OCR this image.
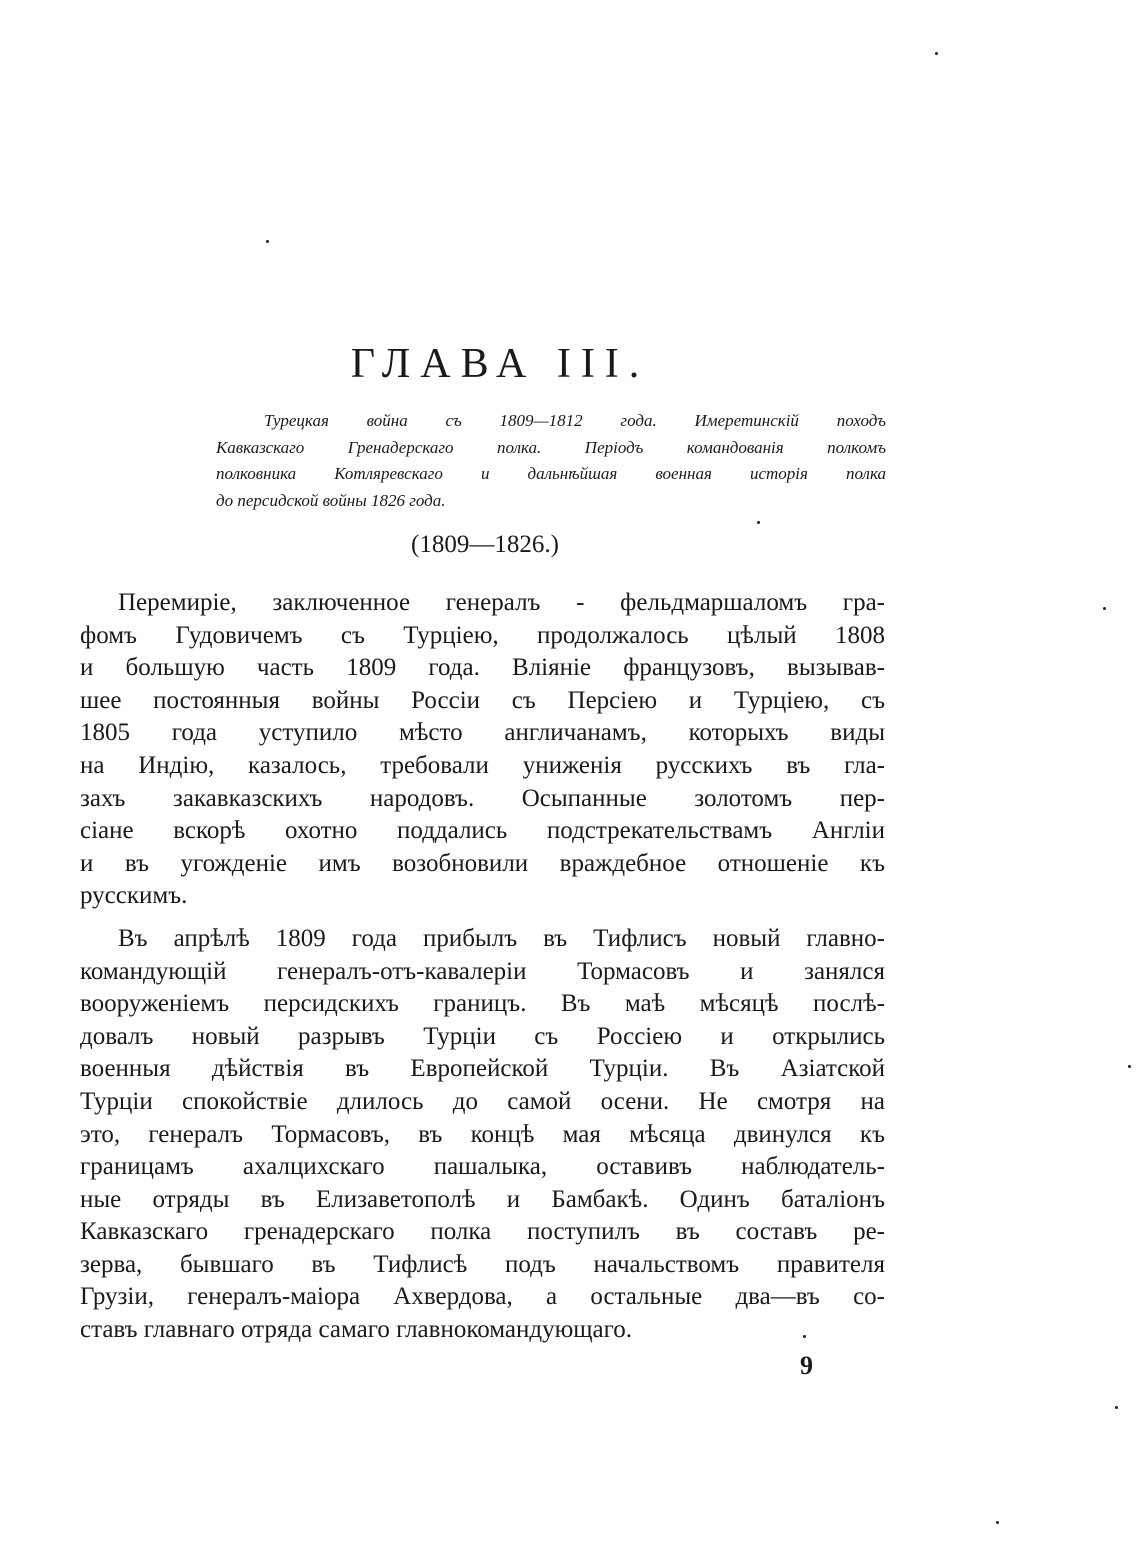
ГЛАВА III.
Турецкая война съ 1809—1812 года. Имеретинскій походъ
Кавказскаго Гренадерскаго полка. Періодъ командованія полкомъ
полковника Котляревскаго и дальнѣйшая военная исторія полка
до персидской войны 1826 года.
(1809—1826.)
Перемиріе, заключенное генералъ - фельдмаршаломъ гра-
фомъ Гудовичемъ съ Турціею, продолжалось цѣлый 1808
и большую часть 1809 года. Вліяніе французовъ, вызывав-
шее постоянныя войны Россіи съ Персіею и Турціею, съ
1805 года уступило мѣсто англичанамъ, которыхъ виды
на Индію, казалось, требовали униженія русскихъ въ гла-
захъ закавказскихъ народовъ. Осыпанные золотомъ пер-
сіане вскорѣ охотно поддались подстрекательствамъ Англіи
и въ угожденіе имъ возобновили враждебное отношеніе къ
русскимъ.
Въ апрѣлѣ 1809 года прибылъ въ Тифлисъ новый главно-
командующій генералъ-отъ-кавалеріи Тормасовъ и занялся
вооруженіемъ персидскихъ границъ. Въ маѣ мѣсяцѣ послѣ-
довалъ новый разрывъ Турціи съ Россіею и открылись
военныя дѣйствія въ Европейской Турціи. Въ Азіатской
Турціи спокойствіе длилось до самой осени. Не смотря на
это, генералъ Тормасовъ, въ концѣ мая мѣсяца двинулся къ
границамъ ахалцихскаго пашалыка, оставивъ наблюдатель-
ные отряды въ Елизаветополѣ и Бамбакѣ. Одинъ баталіонъ
Кавказскаго гренадерскаго полка поступилъ въ составъ ре-
зерва, бывшаго въ Тифлисѣ подъ начальствомъ правителя
Грузіи, генералъ-маіора Ахвердова, а остальные два—въ со-
ставъ главнаго отряда самаго главнокомандующаго.
9
